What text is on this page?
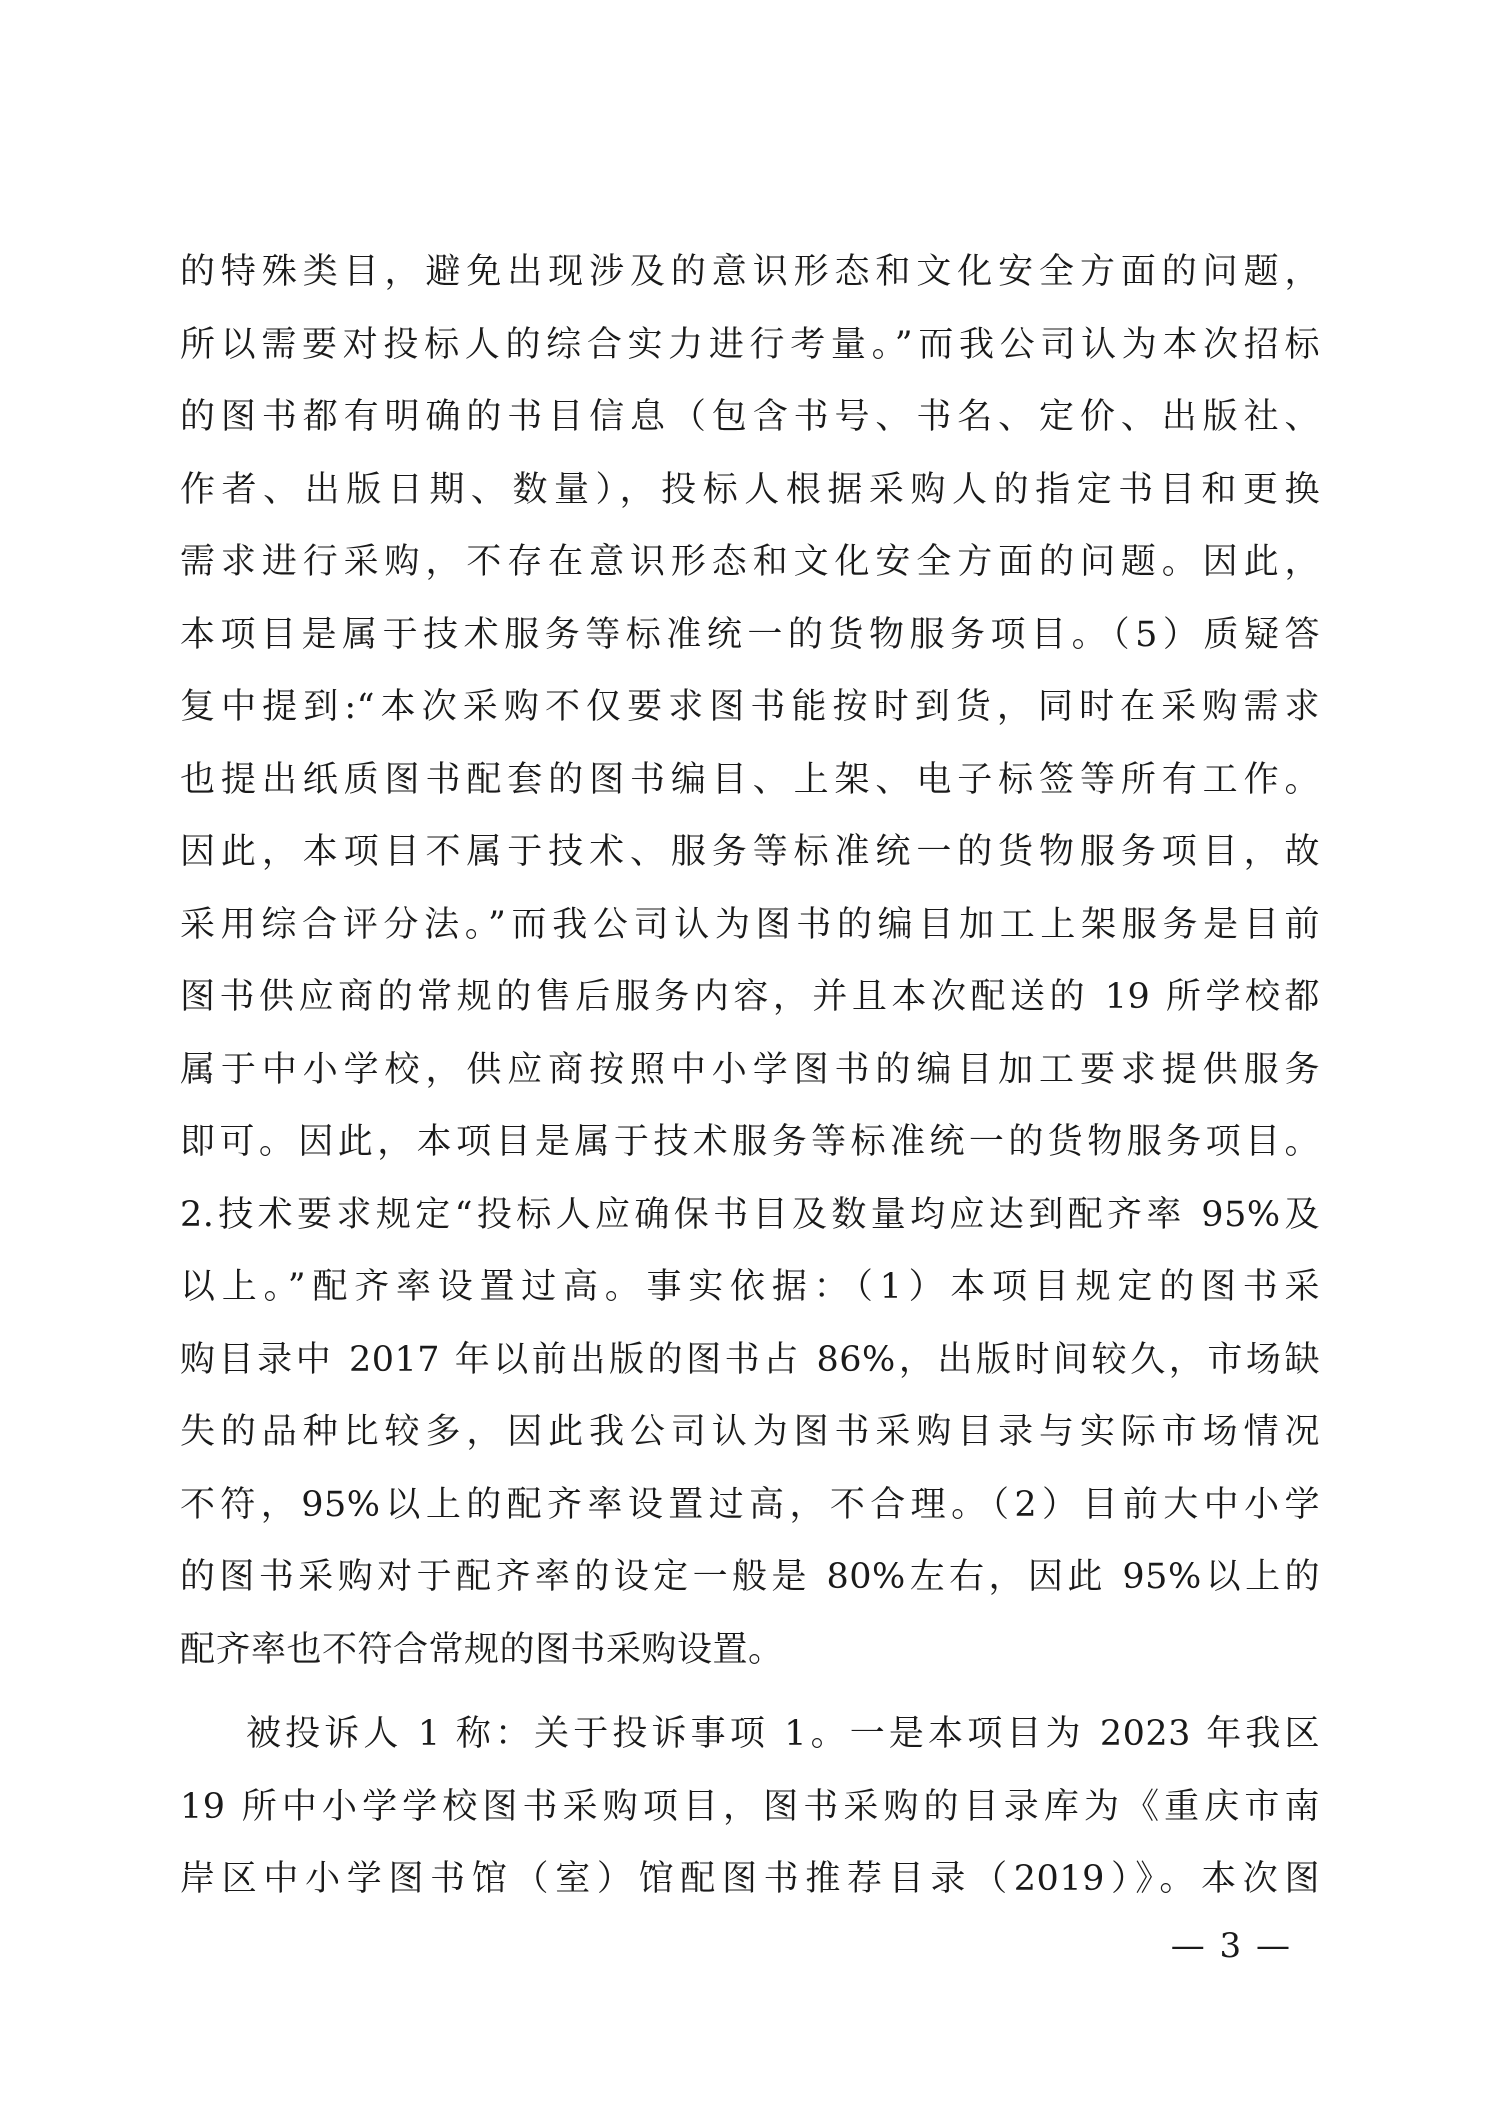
的特殊类目，避免出现涉及的意识形态和文化安全方面的问题，
所以需要对投标人的综合实力进行考量。”而我公司认为本次招标
的图书都有明确的书目信息（包含书号、书名、定价、出版社、
作者、出版日期、数量），投标人根据采购人的指定书目和更换
需求进行采购，不存在意识形态和文化安全方面的问题。因此，
本项目是属于技术服务等标准统一的货物服务项目。（5）质疑答
复中提到:“本次采购不仅要求图书能按时到货，同时在采购需求
也提出纸质图书配套的图书编目、上架、电子标签等所有工作。
因此，本项目不属于技术、服务等标准统一的货物服务项目，故
采用综合评分法。”而我公司认为图书的编目加工上架服务是目前
图书供应商的常规的售后服务内容，并且本次配送的 19 所学校都
属于中小学校，供应商按照中小学图书的编目加工要求提供服务
即可。因此，本项目是属于技术服务等标准统一的货物服务项目。
2.技术要求规定“投标人应确保书目及数量均应达到配齐率 95%及
以上。”配齐率设置过高。事实依据：（1）本项目规定的图书采
购目录中 2017 年以前出版的图书占 86%，出版时间较久，市场缺
失的品种比较多，因此我公司认为图书采购目录与实际市场情况
不符，95%以上的配齐率设置过高，不合理。（2）目前大中小学
的图书采购对于配齐率的设定一般是 80%左右，因此 95%以上的
配齐率也不符合常规的图书采购设置。
被投诉人 1 称：关于投诉事项 1。一是本项目为 2023 年我区
19 所中小学学校图书采购项目，图书采购的目录库为《重庆市南
岸区中小学图书馆（室）馆配图书推荐目录（2019）》。本次图
— 3 —
